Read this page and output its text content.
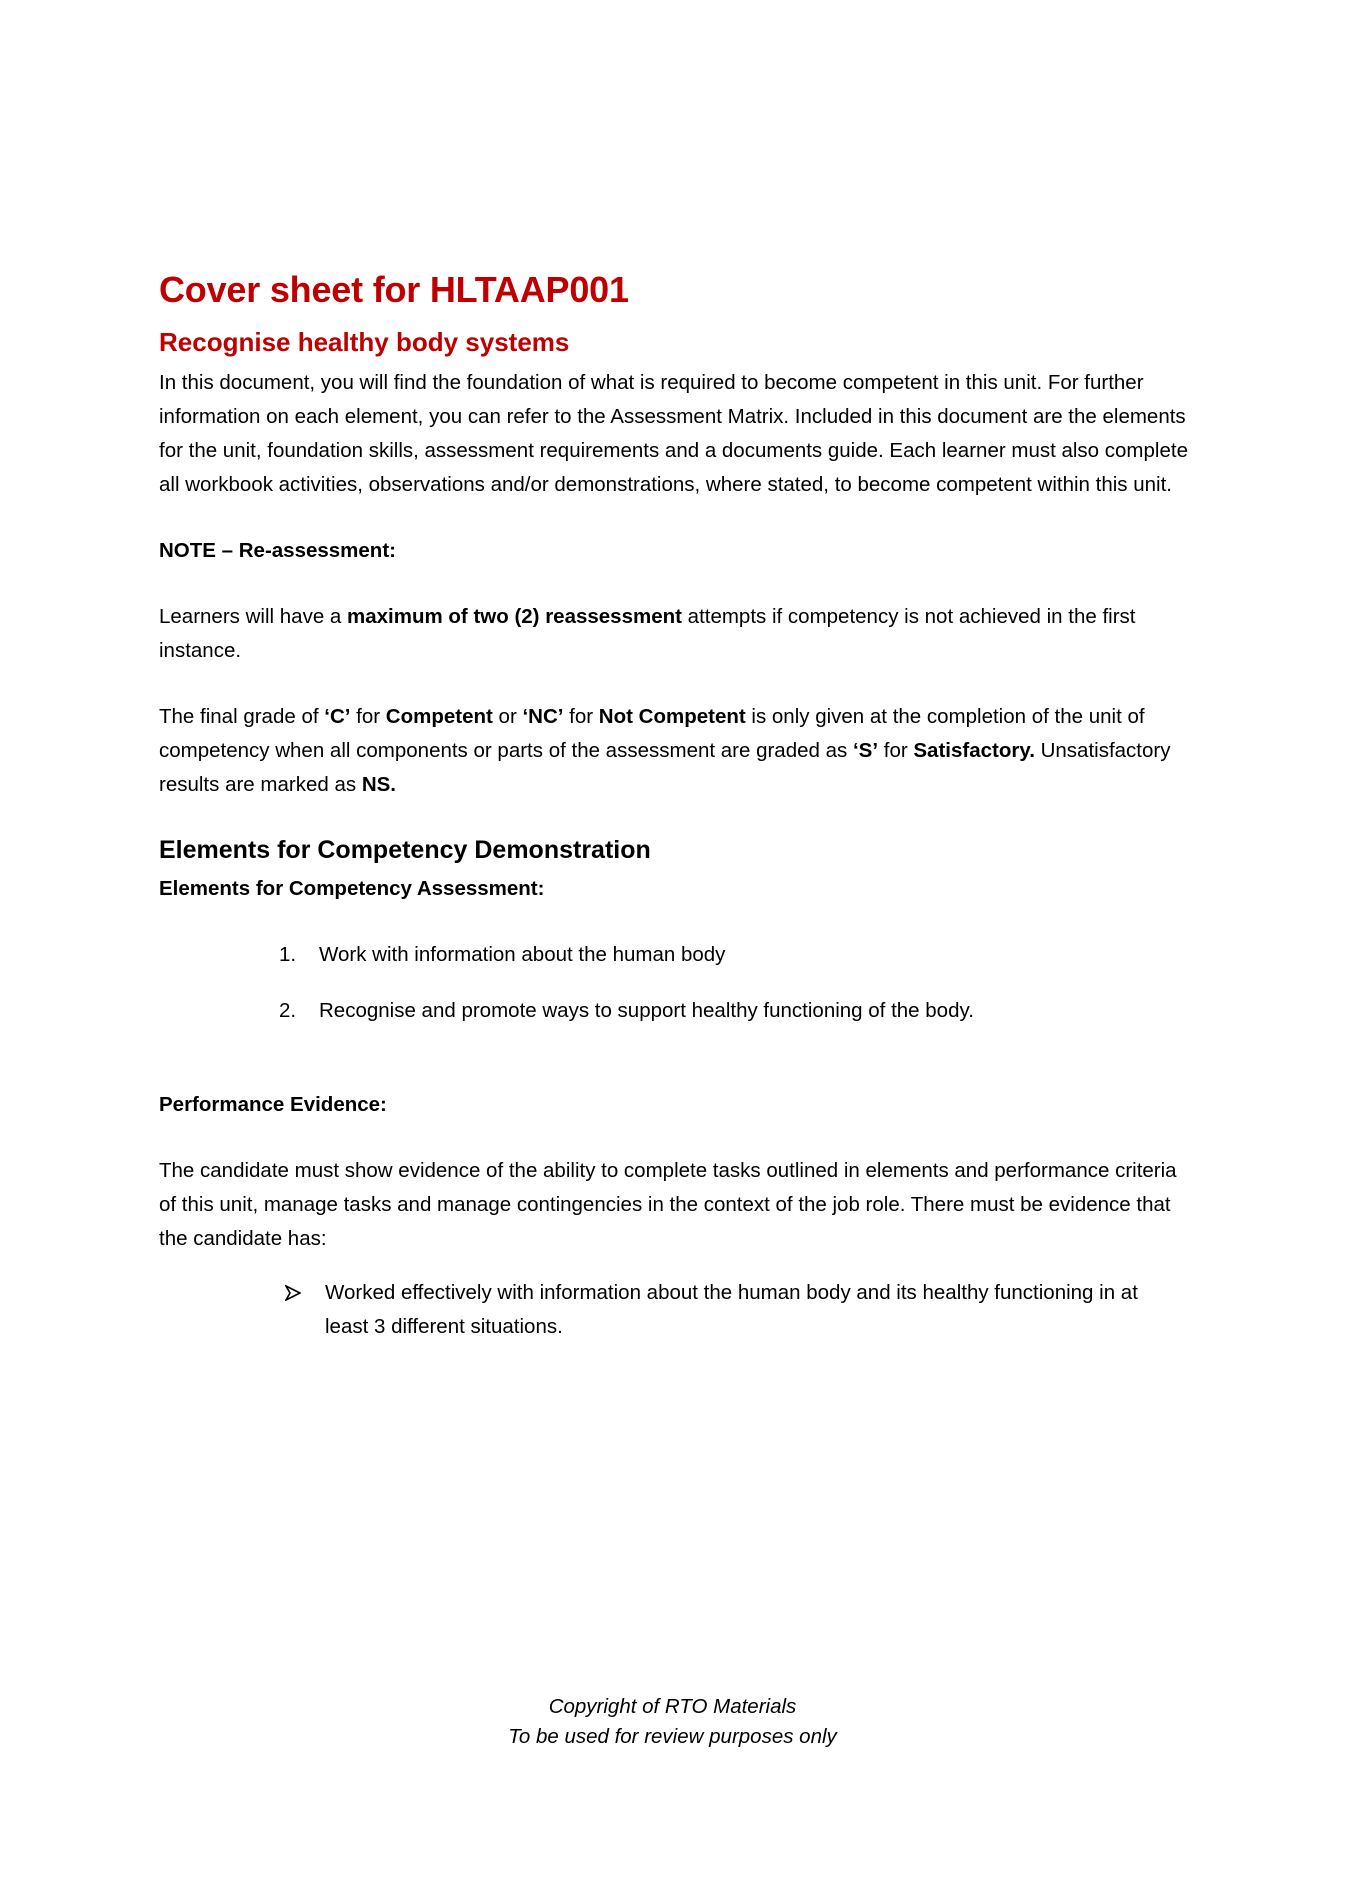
Cover sheet for HLTAAP001
Recognise healthy body systems

In this document, you will find the foundation of what is required to become competent in this unit. For further information on each element, you can refer to the Assessment Matrix. Included in this document are the elements for the unit, foundation skills, assessment requirements and a documents guide. Each learner must also complete all workbook activities, observations and/or demonstrations, where stated, to become competent within this unit.

NOTE – Re-assessment:

Learners will have a maximum of two (2) reassessment attempts if competency is not achieved in the first instance.

The final grade of ‘C’ for Competent or ‘NC’ for Not Competent is only given at the completion of the unit of competency when all components or parts of the assessment are graded as ‘S’ for Satisfactory. Unsatisfactory results are marked as NS.

Elements for Competency Demonstration

Elements for Competency Assessment:

1. Work with information about the human body
2. Recognise and promote ways to support healthy functioning of the body.

Performance Evidence:

The candidate must show evidence of the ability to complete tasks outlined in elements and performance criteria of this unit, manage tasks and manage contingencies in the context of the job role. There must be evidence that the candidate has:

Worked effectively with information about the human body and its healthy functioning in at least 3 different situations.
Copyright of RTO Materials
To be used for review purposes only
